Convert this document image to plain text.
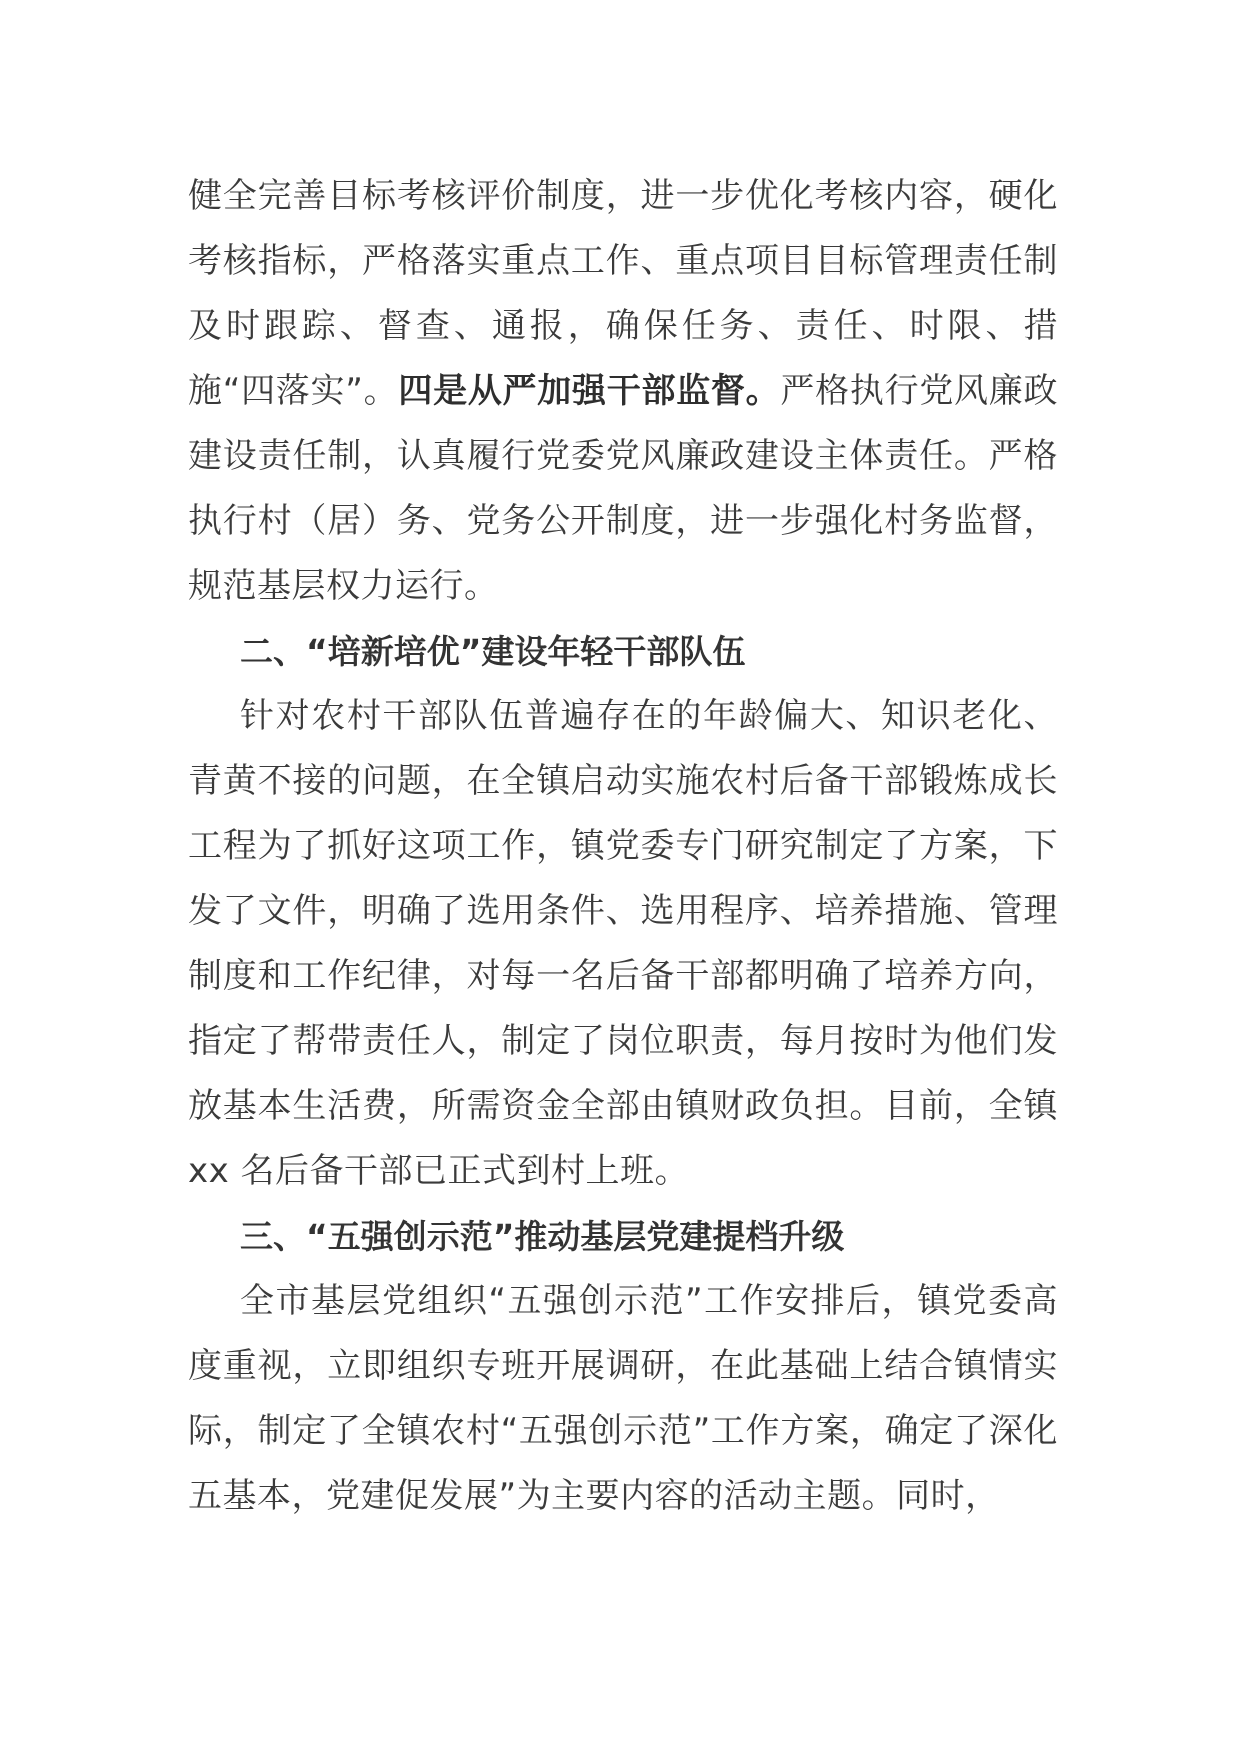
健全完善目标考核评价制度，进一步优化考核内容，硬化考核指标，严格落实重点工作、重点项目目标管理责任制及时跟踪、督查、通报，确保任务、责任、时限、措施“四落实”。四是从严加强干部监督。严格执行党风廉政建设责任制，认真履行党委党风廉政建设主体责任。严格执行村（居）务、党务公开制度，进一步强化村务监督，规范基层权力运行。

二、“培新培优”建设年轻干部队伍

针对农村干部队伍普遍存在的年龄偏大、知识老化、青黄不接的问题，在全镇启动实施农村后备干部锻炼成长工程为了抓好这项工作，镇党委专门研究制定了方案，下发了文件，明确了选用条件、选用程序、培养措施、管理制度和工作纪律，对每一名后备干部都明确了培养方向，指定了帮带责任人，制定了岗位职责，每月按时为他们发放基本生活费，所需资金全部由镇财政负担。目前，全镇 xx 名后备干部已正式到村上班。

三、“五强创示范”推动基层党建提档升级

全市基层党组织“五强创示范”工作安排后，镇党委高度重视，立即组织专班开展调研，在此基础上结合镇情实际，制定了全镇农村“五强创示范”工作方案，确定了深化五基本，党建促发展”为主要内容的活动主题。同时，
